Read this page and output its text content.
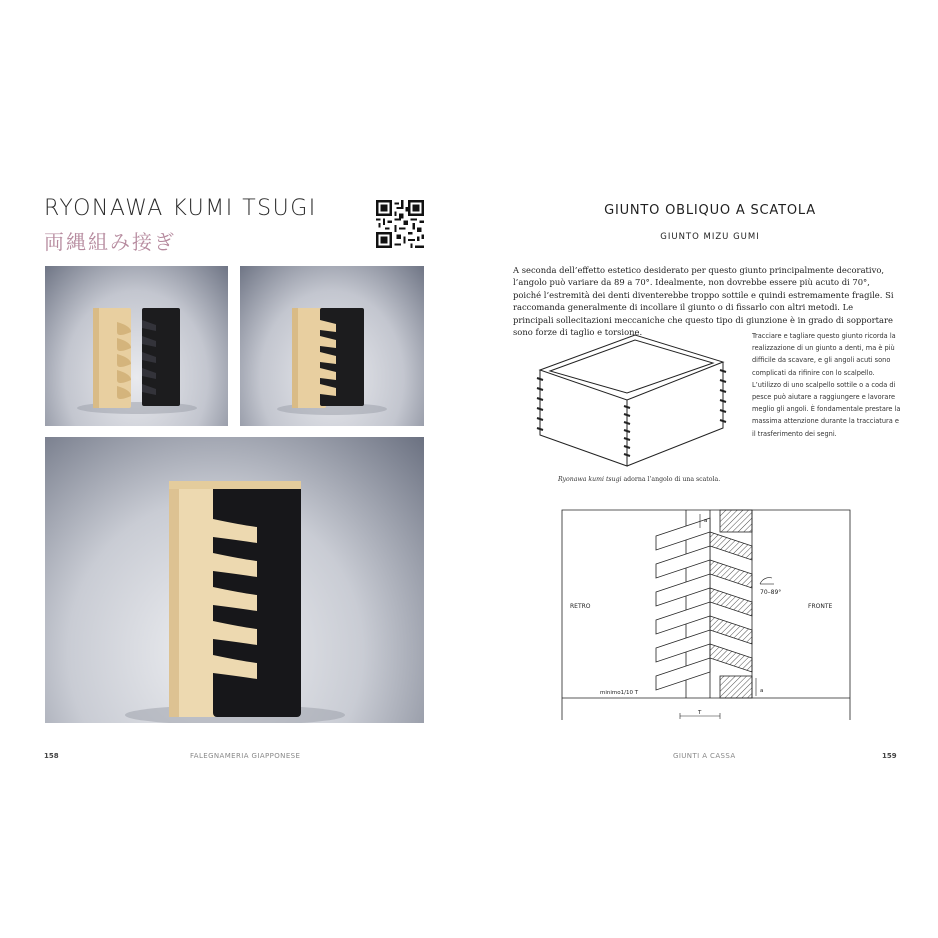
RYONAWA KUMI TSUGI
両縄組み接ぎ
158	FALEGNAMERIA GIAPPONESE
GIUNTO OBLIQUO A SCATOLA
GIUNTO MIZU GUMI
A seconda dell’effetto estetico desiderato per questo giunto principalmente decorativo, l’angolo può variare da 89 a 70°. Idealmente, non dovrebbe essere più acuto di 70°, poiché l’estremità dei denti diventerebbe troppo sottile e quindi estremamente fragile. Si raccomanda generalmente di incollare il giunto o di fissarlo con altri metodi. Le principali sollecitazioni meccaniche che questo tipo di giunzione è in grado di sopportare sono forze di taglio e torsione.
Ryonawa kumi tsugi adorna l’angolo di una scatola.
Tracciare e tagliare questo giunto ricorda la realizzazione di un giunto a denti, ma è più difficile da scavare, e gli angoli acuti sono complicati da rifinire con lo scalpello. L’utilizzo di uno scalpello sottile o a coda di pesce può aiutare a raggiungere e lavorare meglio gli angoli. È fondamentale prestare la massima attenzione durante la tracciatura e il trasferimento dei segni.
RETRO	FRONTE
70–89°
minimo1/10 T
a
a
T
GIUNTI A CASSA	159
